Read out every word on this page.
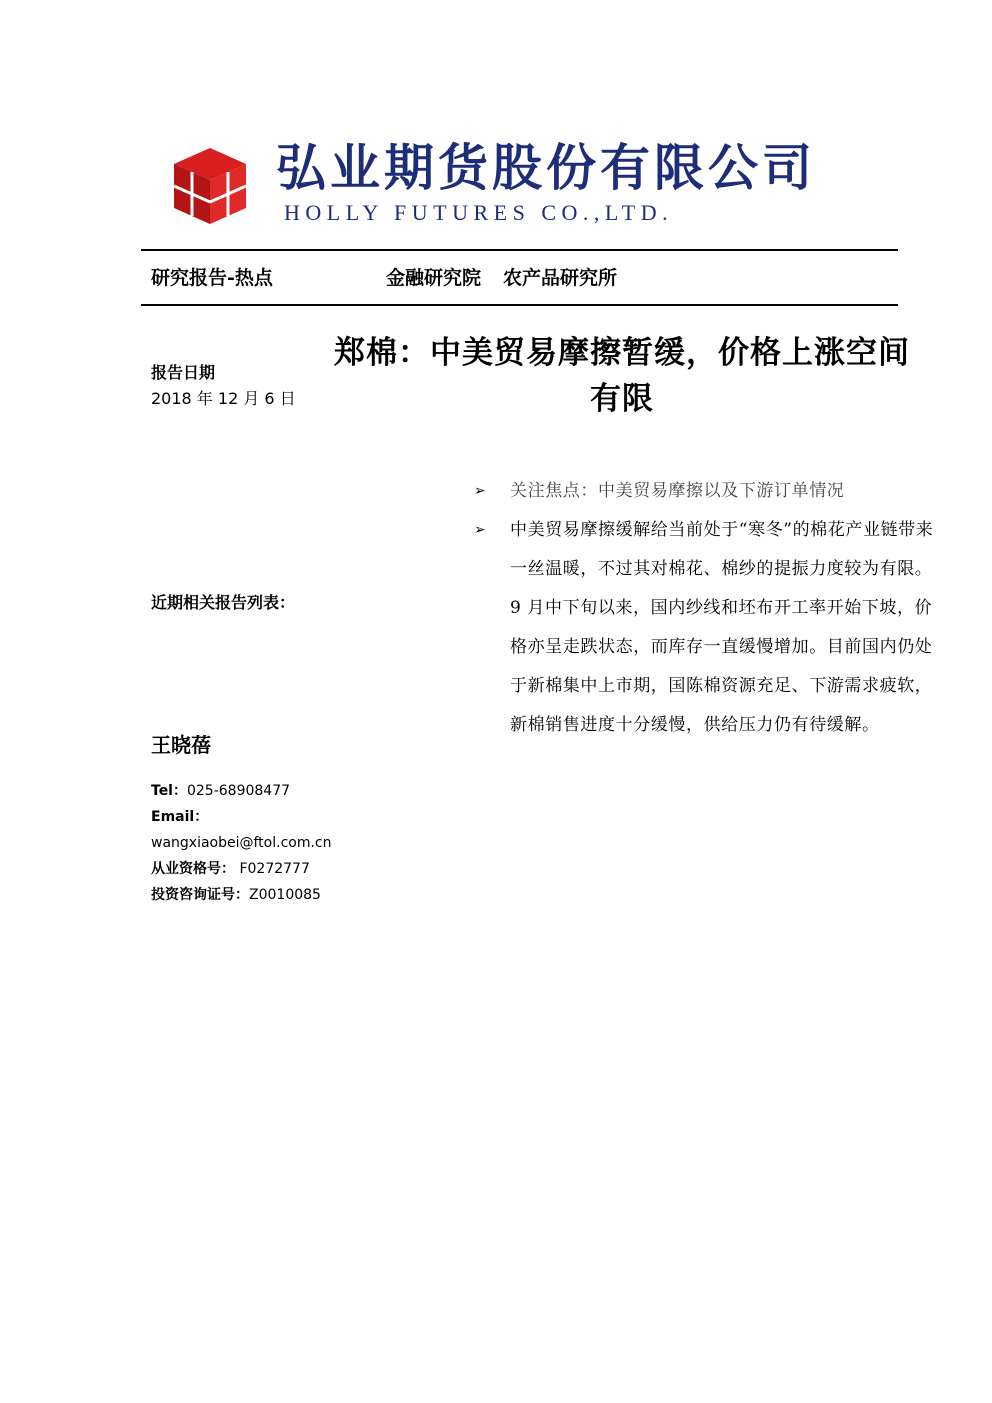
弘业期货股份有限公司
HOLLY FUTURES CO.,LTD.
研究报告-热点	金融研究院 农产品研究所
报告日期
2018 年 12 月 6 日
郑棉：中美贸易摩擦暂缓，价格上涨空间有限
近期相关报告列表：
王晓蓓
Tel：025-68908477
Email：
wangxiaobei@ftol.com.cn
从业资格号： F0272777
投资咨询证号：Z0010085

➢ 关注焦点：中美贸易摩擦以及下游订单情况

➢ 中美贸易摩擦缓解给当前处于“寒冬”的棉花产业链带来一丝温暖，不过其对棉花、棉纱的提振力度较为有限。9 月中下旬以来，国内纱线和坯布开工率开始下坡，价格亦呈走跌状态，而库存一直缓慢增加。目前国内仍处于新棉集中上市期，国陈棉资源充足、下游需求疲软，新棉销售进度十分缓慢，供给压力仍有待缓解。
